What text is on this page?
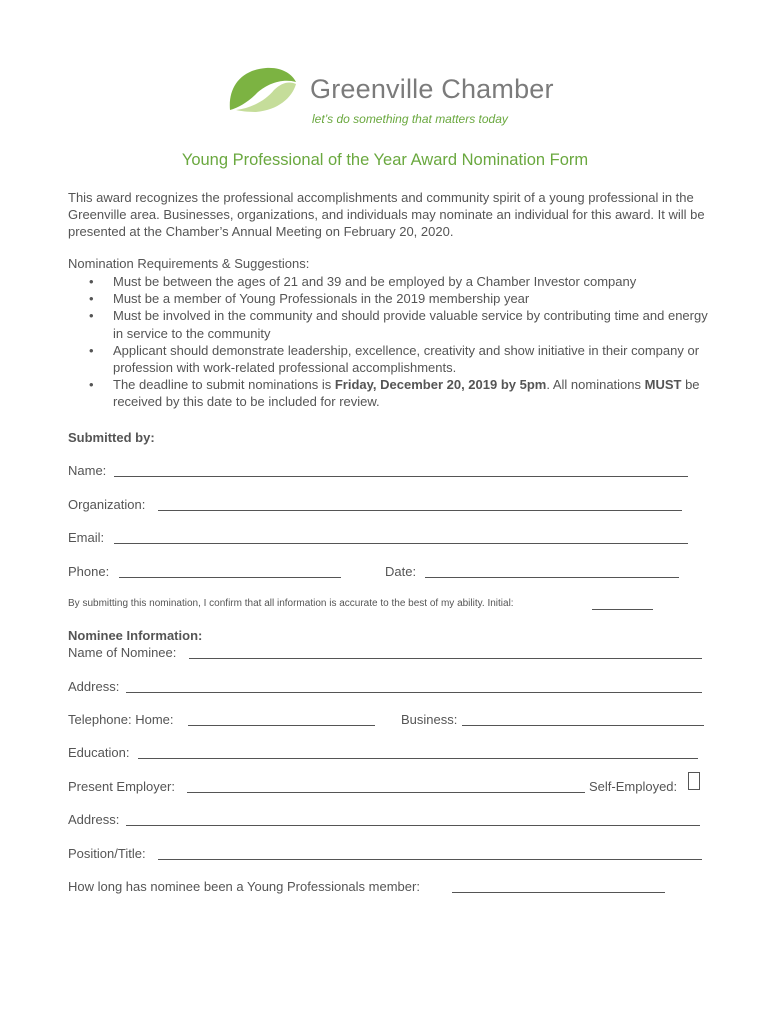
Greenville Chamber
let’s do something that matters today
Young Professional of the Year Award Nomination Form
This award recognizes the professional accomplishments and community spirit of a young professional in the Greenville area. Businesses, organizations, and individuals may nominate an individual for this award. It will be presented at the Chamber’s Annual Meeting on February 20, 2020.
Nomination Requirements & Suggestions:
• Must be between the ages of 21 and 39 and be employed by a Chamber Investor company
• Must be a member of Young Professionals in the 2019 membership year
• Must be involved in the community and should provide valuable service by contributing time and energy in service to the community
• Applicant should demonstrate leadership, excellence, creativity and show initiative in their company or profession with work-related professional accomplishments.
• The deadline to submit nominations is Friday, December 20, 2019 by 5pm. All nominations MUST be received by this date to be included for review.
Submitted by:
Name:
Organization:
Email:
Phone:	Date:
By submitting this nomination, I confirm that all information is accurate to the best of my ability. Initial:
Nominee Information:
Name of Nominee:
Address:
Telephone: Home:	Business:
Education:
Present Employer:	Self-Employed:
Address:
Position/Title:
How long has nominee been a Young Professionals member:
